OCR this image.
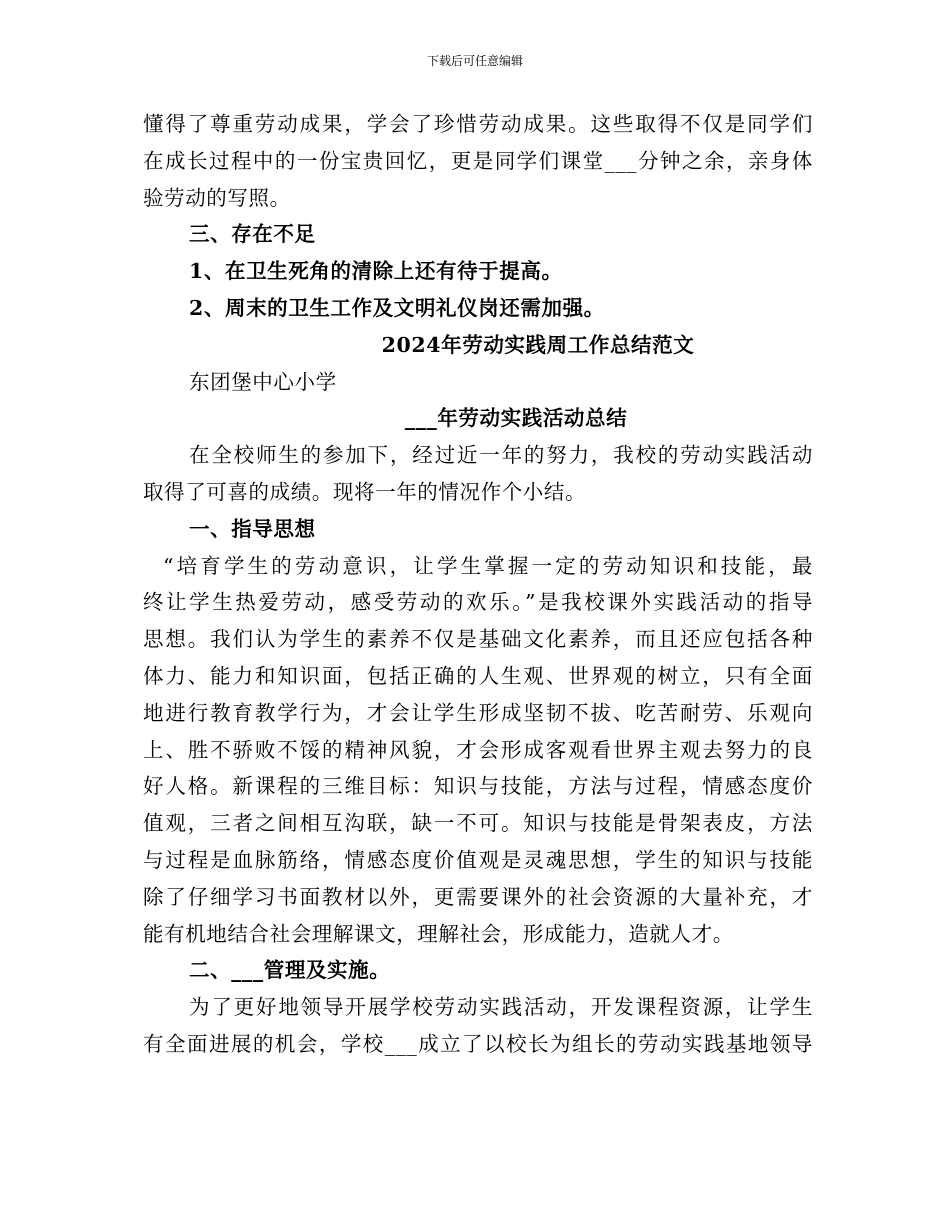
下载后可任意编辑
懂得了尊重劳动成果，学会了珍惜劳动成果。这些取得不仅是同学们
在成长过程中的一份宝贵回忆，更是同学们课堂___分钟之余，亲身体
验劳动的写照。
三、存在不足
1、在卫生死角的清除上还有待于提高。
2、周末的卫生工作及文明礼仪岗还需加强。
2024年劳动实践周工作总结范文
东团堡中心小学
___年劳动实践活动总结
在全校师生的参加下，经过近一年的努力，我校的劳动实践活动
取得了可喜的成绩。现将一年的情况作个小结。
一、指导思想
“培育学生的劳动意识，让学生掌握一定的劳动知识和技能，最
终让学生热爱劳动，感受劳动的欢乐。”是我校课外实践活动的指导
思想。我们认为学生的素养不仅是基础文化素养，而且还应包括各种
体力、能力和知识面，包括正确的人生观、世界观的树立，只有全面
地进行教育教学行为，才会让学生形成坚韧不拔、吃苦耐劳、乐观向
上、胜不骄败不馁的精神风貌，才会形成客观看世界主观去努力的良
好人格。新课程的三维目标：知识与技能，方法与过程，情感态度价
值观，三者之间相互沟联，缺一不可。知识与技能是骨架表皮，方法
与过程是血脉筋络，情感态度价值观是灵魂思想，学生的知识与技能
除了仔细学习书面教材以外，更需要课外的社会资源的大量补充，才
能有机地结合社会理解课文，理解社会，形成能力，造就人才。
二、___管理及实施。
为了更好地领导开展学校劳动实践活动，开发课程资源，让学生
有全面进展的机会，学校___成立了以校长为组长的劳动实践基地领导
